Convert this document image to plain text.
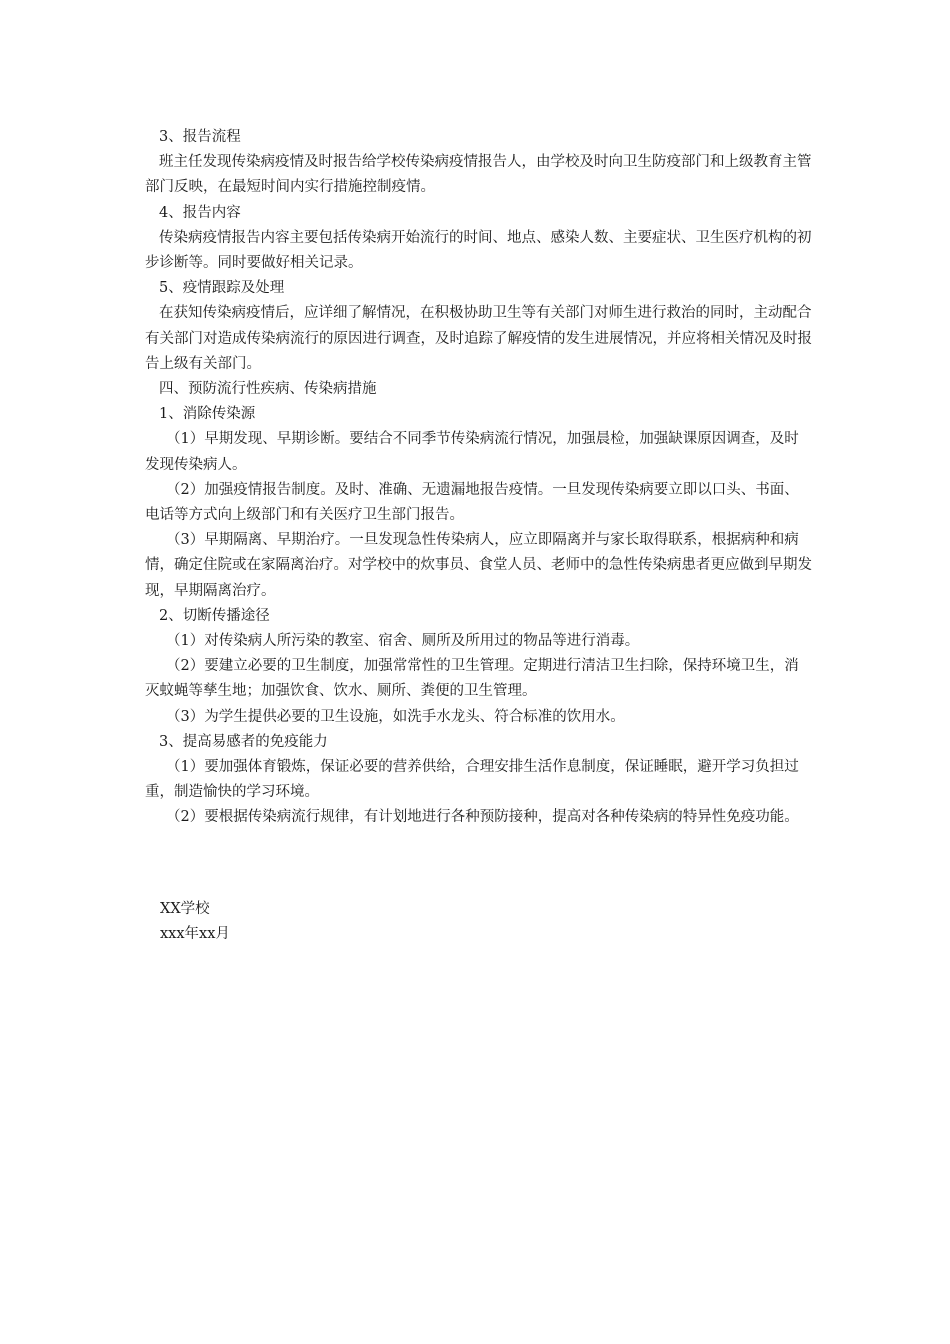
3、报告流程

班主任发现传染病疫情及时报告给学校传染病疫情报告人，由学校及时向卫生防疫部门和上级教育主管部门反映，在最短时间内实行措施控制疫情。

4、报告内容

传染病疫情报告内容主要包括传染病开始流行的时间、地点、感染人数、主要症状、卫生医疗机构的初步诊断等。同时要做好相关记录。

5、疫情跟踪及处理

在获知传染病疫情后，应详细了解情况，在积极协助卫生等有关部门对师生进行救治的同时，主动配合有关部门对造成传染病流行的原因进行调查，及时追踪了解疫情的发生进展情况，并应将相关情况及时报告上级有关部门。

四、预防流行性疾病、传染病措施

1、消除传染源

（1）早期发现、早期诊断。要结合不同季节传染病流行情况，加强晨检，加强缺课原因调查，及时发现传染病人。

（2）加强疫情报告制度。及时、准确、无遗漏地报告疫情。一旦发现传染病要立即以口头、书面、电话等方式向上级部门和有关医疗卫生部门报告。

（3）早期隔离、早期治疗。一旦发现急性传染病人，应立即隔离并与家长取得联系，根据病种和病情，确定住院或在家隔离治疗。对学校中的炊事员、食堂人员、老师中的急性传染病患者更应做到早期发现，早期隔离治疗。

2、切断传播途径

（1）对传染病人所污染的教室、宿舍、厕所及所用过的物品等进行消毒。

（2）要建立必要的卫生制度，加强常常性的卫生管理。定期进行清洁卫生扫除，保持环境卫生，消灭蚊蝇等孳生地；加强饮食、饮水、厕所、粪便的卫生管理。

（3）为学生提供必要的卫生设施，如洗手水龙头、符合标准的饮用水。

3、提高易感者的免疫能力

（1）要加强体育锻炼，保证必要的营养供给，合理安排生活作息制度，保证睡眠，避开学习负担过重，制造愉快的学习环境。

（2）要根据传染病流行规律，有计划地进行各种预防接种，提高对各种传染病的特异性免疫功能。

XX学校

xxx年xx月
